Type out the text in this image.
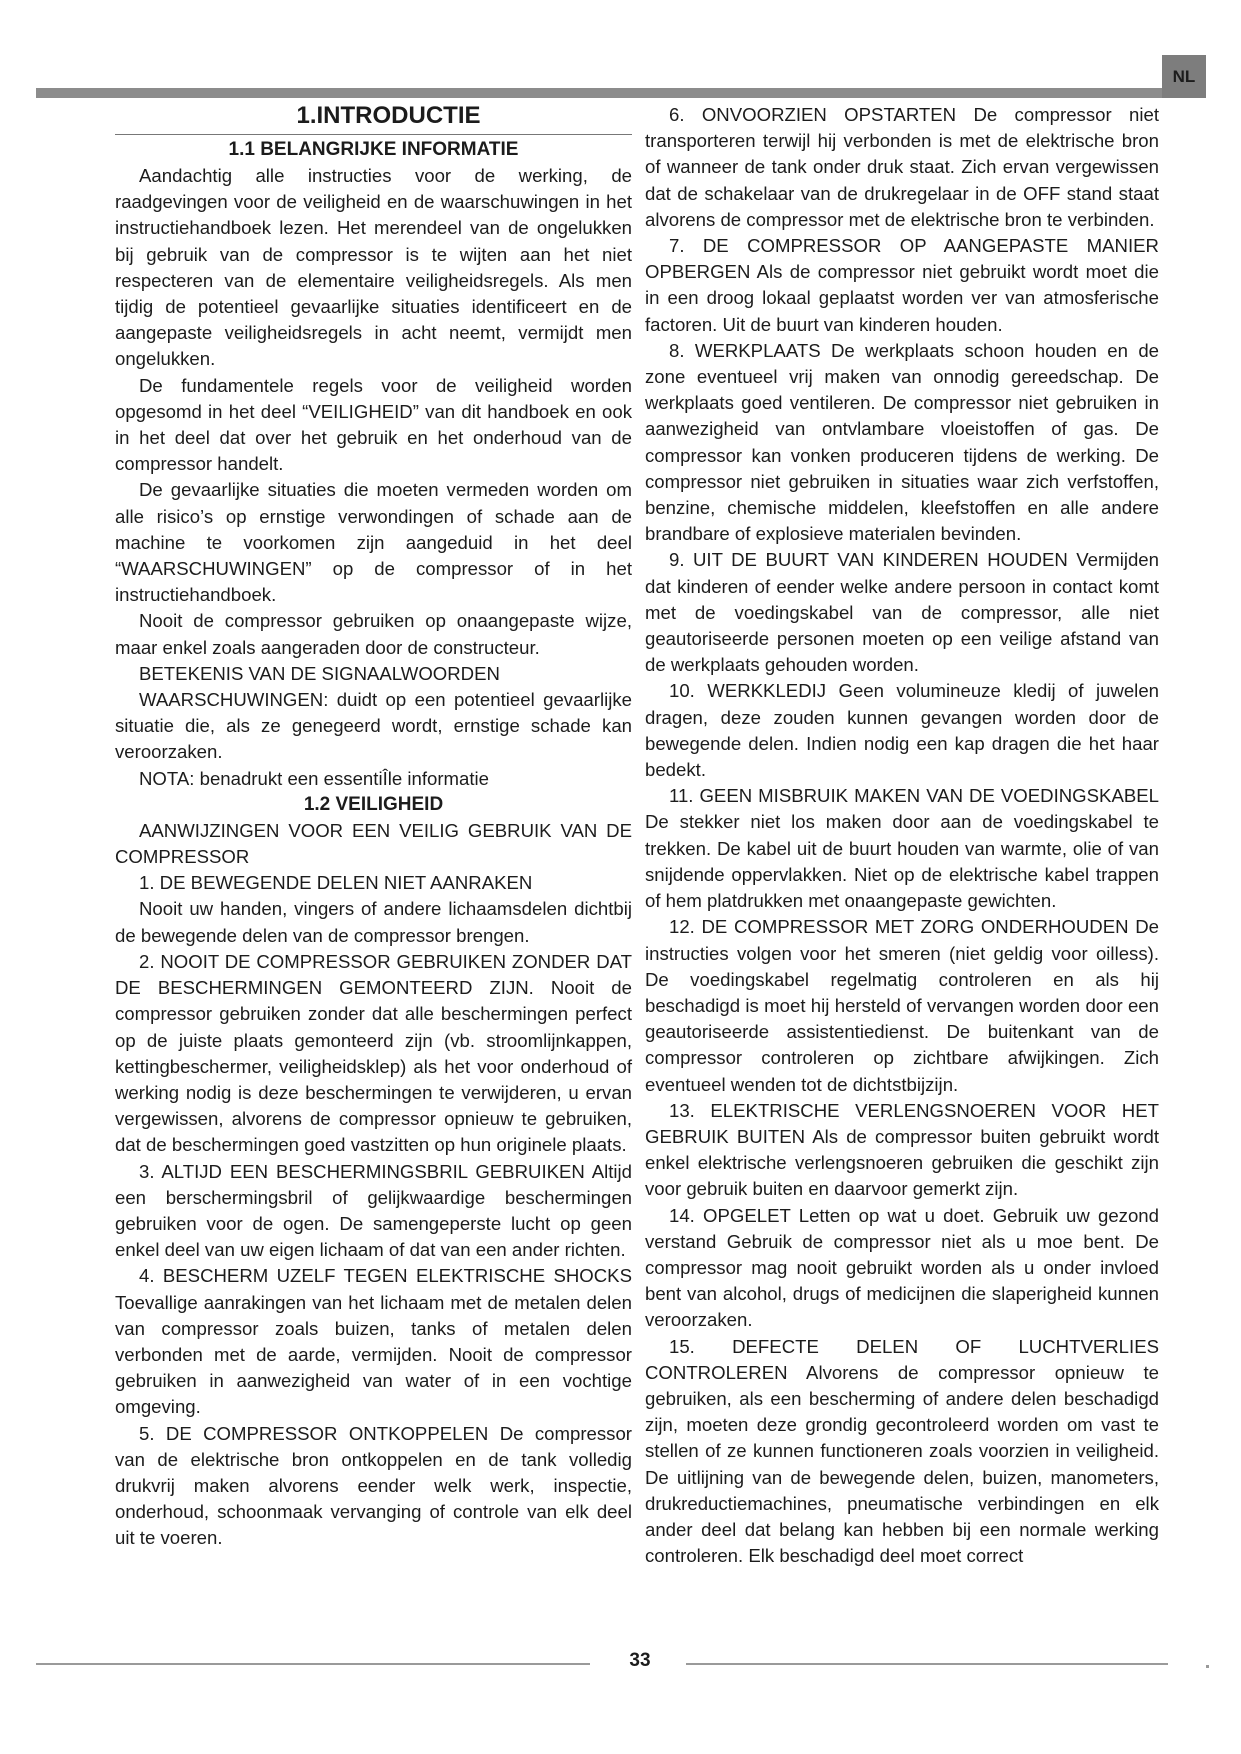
NL
1.INTRODUCTIE
1.1 BELANGRIJKE INFORMATIE

Aandachtig alle instructies voor de werking, de raadgevingen voor de veiligheid en de waarschuwingen in het instructiehandboek lezen. Het merendeel van de ongelukken bij gebruik van de compressor is te wijten aan het niet respecteren van de elementaire veiligheidsregels. Als men tijdig de potentieel gevaarlijke situaties identificeert en de aangepaste veiligheidsregels in acht neemt, vermijdt men ongelukken.

De fundamentele regels voor de veiligheid worden opgesomd in het deel “VEILIGHEID” van dit handboek en ook in het deel dat over het gebruik en het onderhoud van de compressor handelt.

De gevaarlijke situaties die moeten vermeden worden om alle risico’s op ernstige verwondingen of schade aan de machine te voorkomen zijn aangeduid in het deel “WAARSCHUWINGEN” op de compressor of in het instructiehandboek.

Nooit de compressor gebruiken op onaangepaste wijze, maar enkel zoals aangeraden door de constructeur.

BETEKENIS VAN DE SIGNAALWOORDEN

WAARSCHUWINGEN: duidt op een potentieel gevaarlijke situatie die, als ze genegeerd wordt, ernstige schade kan veroorzaken.

NOTA: benadrukt een essentiÎle informatie

1.2 VEILIGHEID

AANWIJZINGEN VOOR EEN VEILIG GEBRUIK VAN DE COMPRESSOR

1. DE BEWEGENDE DELEN NIET AANRAKEN

Nooit uw handen, vingers of andere lichaamsdelen dichtbij de bewegende delen van de compressor brengen.

2. NOOIT DE COMPRESSOR GEBRUIKEN ZONDER DAT DE BESCHERMINGEN GEMONTEERD ZIJN. Nooit de compressor gebruiken zonder dat alle beschermingen perfect op de juiste plaats gemonteerd zijn (vb. stroomlijnkappen, kettingbeschermer, veiligheidsklep) als het voor onderhoud of werking nodig is deze beschermingen te verwijderen, u ervan vergewissen, alvorens de compressor opnieuw te gebruiken, dat de beschermingen goed vastzitten op hun originele plaats.

3. ALTIJD EEN BESCHERMINGSBRIL GEBRUIKEN Altijd een berschermingsbril of gelijkwaardige beschermingen gebruiken voor de ogen. De samengeperste lucht op geen enkel deel van uw eigen lichaam of dat van een ander richten.

4. BESCHERM UZELF TEGEN ELEKTRISCHE SHOCKS Toevallige aanrakingen van het lichaam met de metalen delen van compressor zoals buizen, tanks of metalen delen verbonden met de aarde, vermijden. Nooit de compressor gebruiken in aanwezigheid van water of in een vochtige omgeving.

5. DE COMPRESSOR ONTKOPPELEN De compressor van de elektrische bron ontkoppelen en de tank volledig drukvrij maken alvorens eender welk werk, inspectie, onderhoud, schoonmaak vervanging of controle van elk deel uit te voeren.

6. ONVOORZIEN OPSTARTEN De compressor niet transporteren terwijl hij verbonden is met de elektrische bron of wanneer de tank onder druk staat. Zich ervan vergewissen dat de schakelaar van de drukregelaar in de OFF stand staat alvorens de compressor met de elektrische bron te verbinden.

7. DE COMPRESSOR OP AANGEPASTE MANIER OPBERGEN Als de compressor niet gebruikt wordt moet die in een droog lokaal geplaatst worden ver van atmosferische factoren. Uit de buurt van kinderen houden.

8. WERKPLAATS De werkplaats schoon houden en de zone eventueel vrij maken van onnodig gereedschap. De werkplaats goed ventileren. De compressor niet gebruiken in aanwezigheid van ontvlambare vloeistoffen of gas. De compressor kan vonken produceren tijdens de werking. De compressor niet gebruiken in situaties waar zich verfstoffen, benzine, chemische middelen, kleefstoffen en alle andere brandbare of explosieve materialen bevinden.

9. UIT DE BUURT VAN KINDEREN HOUDEN Vermijden dat kinderen of eender welke andere persoon in contact komt met de voedingskabel van de compressor, alle niet geautoriseerde personen moeten op een veilige afstand van de werkplaats gehouden worden.

10. WERKKLEDIJ Geen volumineuze kledij of juwelen dragen, deze zouden kunnen gevangen worden door de bewegende delen. Indien nodig een kap dragen die het haar bedekt.

11. GEEN MISBRUIK MAKEN VAN DE VOEDINGSKABEL De stekker niet los maken door aan de voedingskabel te trekken. De kabel uit de buurt houden van warmte, olie of van snijdende oppervlakken. Niet op de elektrische kabel trappen of hem platdrukken met onaangepaste gewichten.

12. DE COMPRESSOR MET ZORG ONDERHOUDEN De instructies volgen voor het smeren (niet geldig voor oilless). De voedingskabel regelmatig controleren en als hij beschadigd is moet hij hersteld of vervangen worden door een geautoriseerde assistentiedienst. De buitenkant van de compressor controleren op zichtbare afwijkingen. Zich eventueel wenden tot de dichtstbijzijn.

13. ELEKTRISCHE VERLENGSNOEREN VOOR HET GEBRUIK BUITEN Als de compressor buiten gebruikt wordt enkel elektrische verlengsnoeren gebruiken die geschikt zijn voor gebruik buiten en daarvoor gemerkt zijn.

14. OPGELET Letten op wat u doet. Gebruik uw gezond verstand Gebruik de compressor niet als u moe bent. De compressor mag nooit gebruikt worden als u onder invloed bent van alcohol, drugs of medicijnen die slaperigheid kunnen veroorzaken.

15. DEFECTE DELEN OF LUCHTVERLIES CONTROLEREN Alvorens de compressor opnieuw te gebruiken, als een bescherming of andere delen beschadigd zijn, moeten deze grondig gecontroleerd worden om vast te stellen of ze kunnen functioneren zoals voorzien in veiligheid. De uitlijning van de bewegende delen, buizen, manometers, drukreductiemachines, pneumatische verbindingen en elk ander deel dat belang kan hebben bij een normale werking controleren. Elk beschadigd deel moet correct

33
